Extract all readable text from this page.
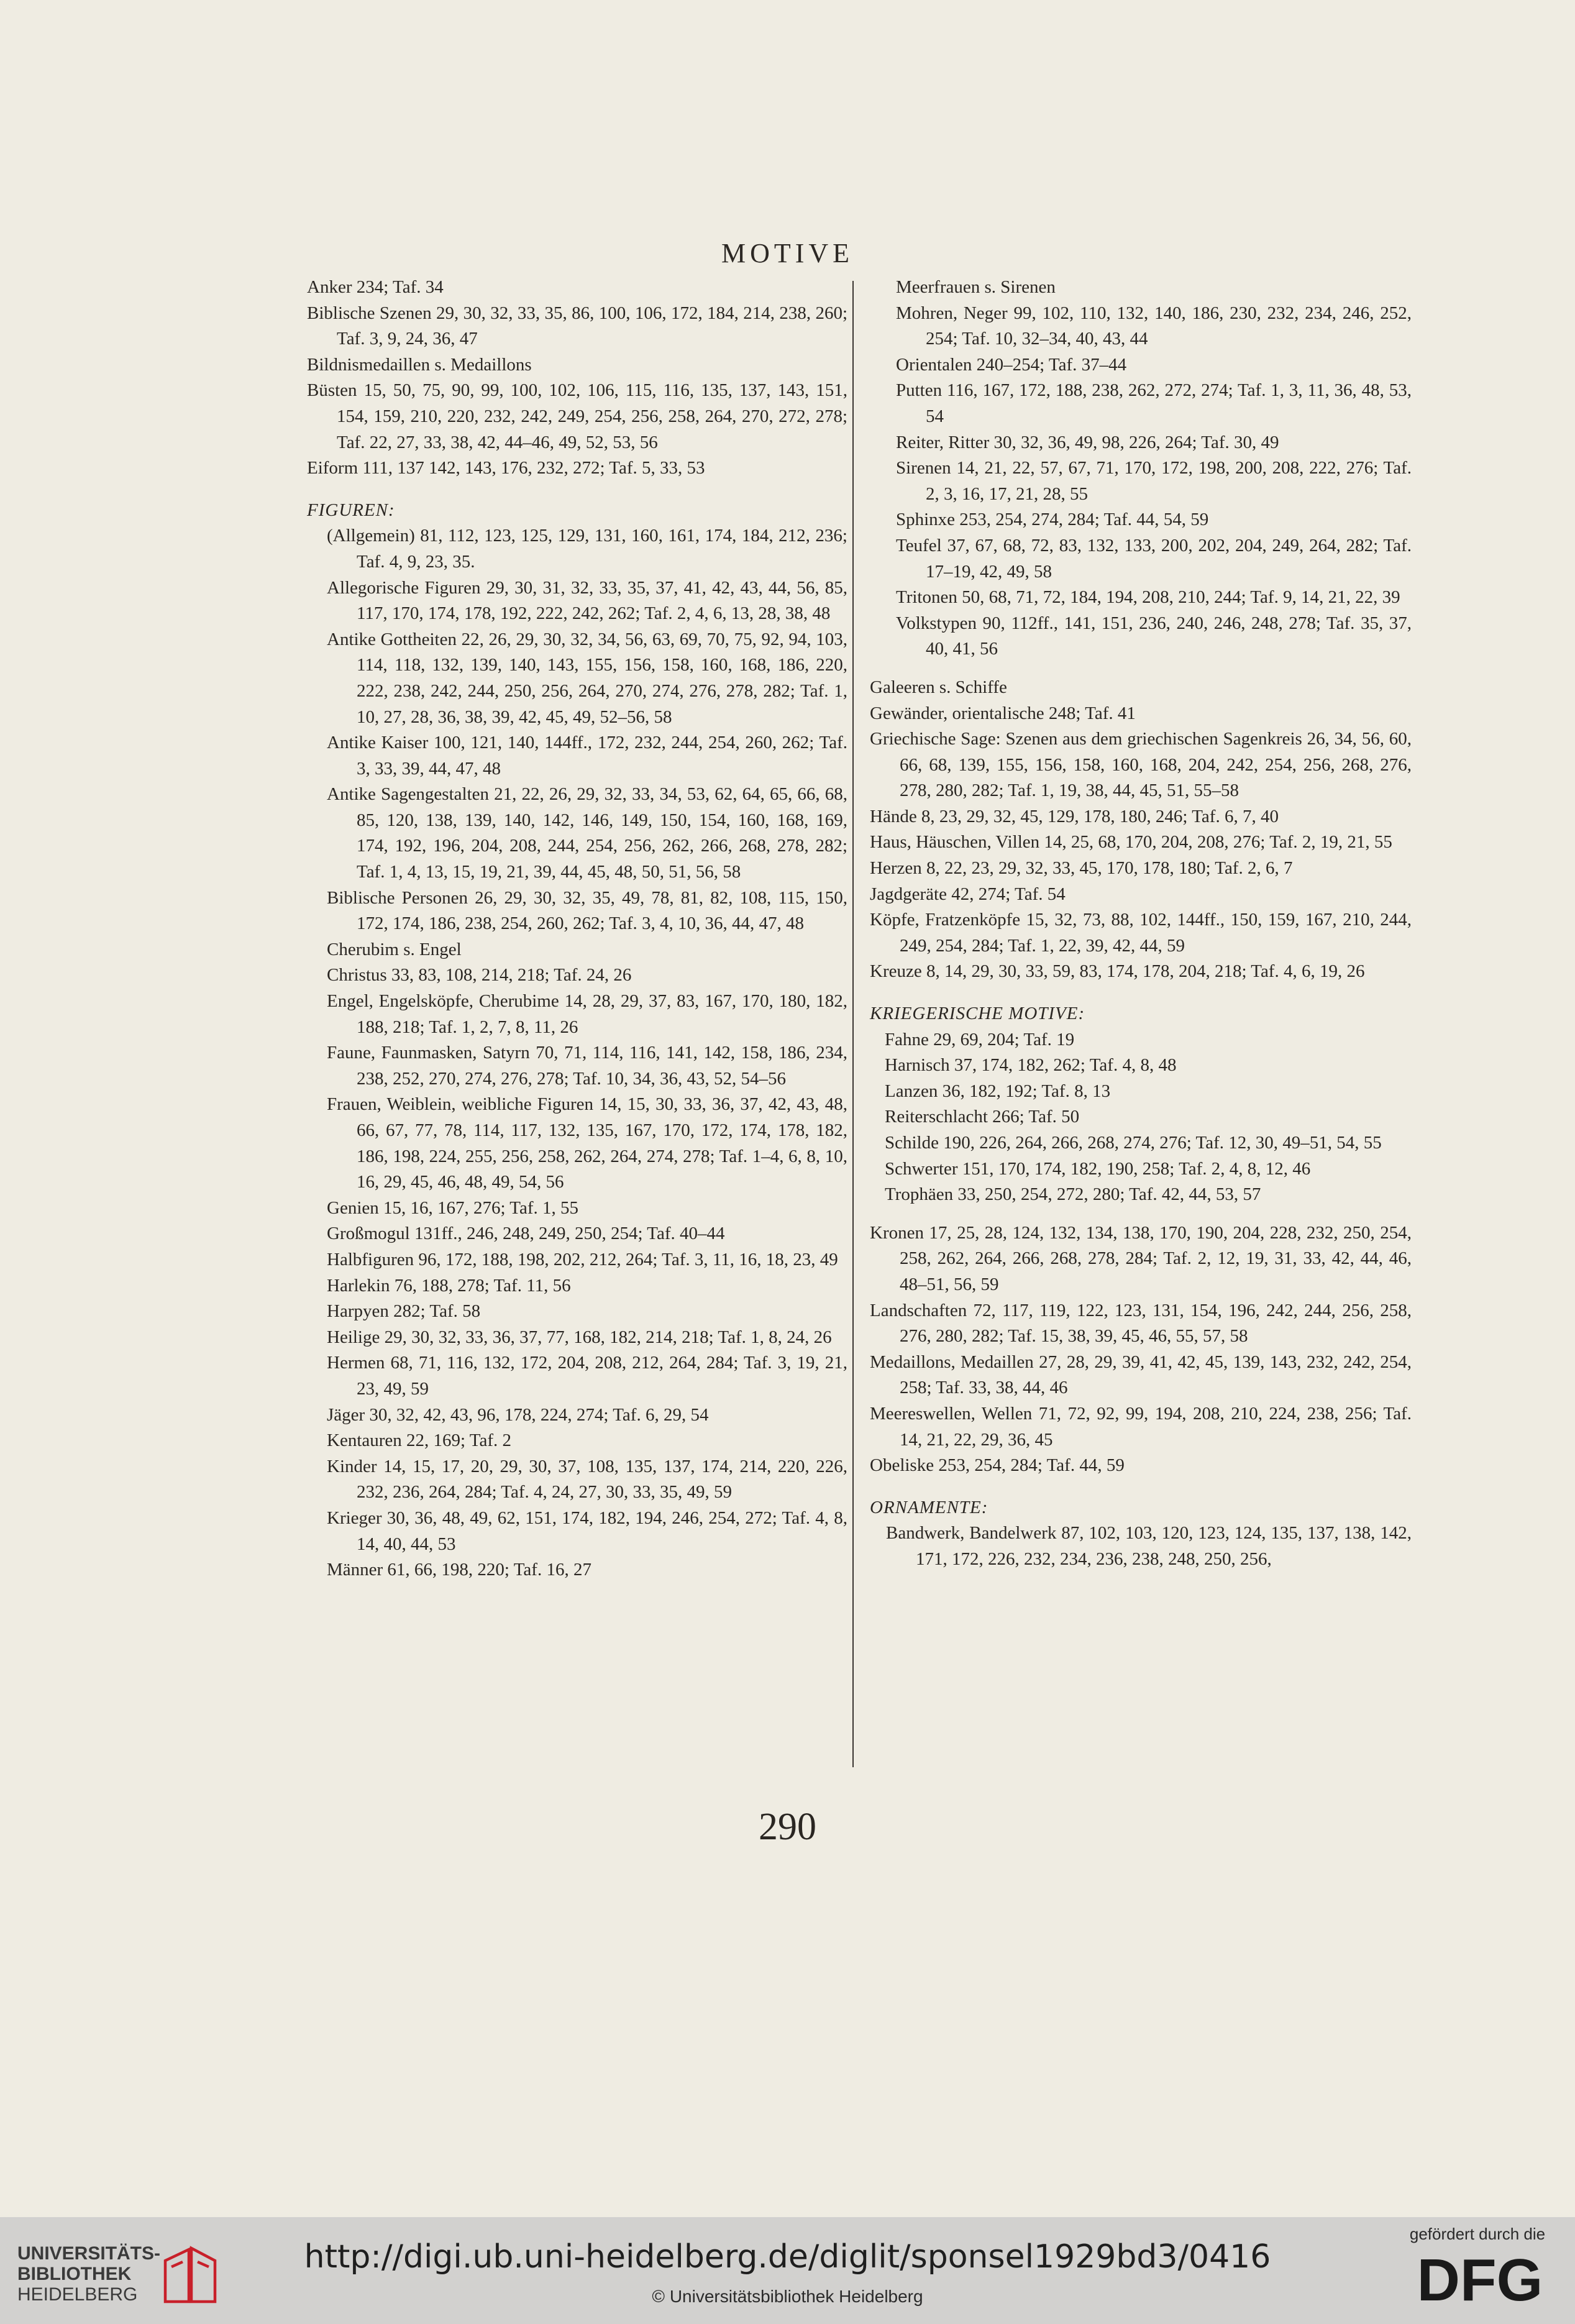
MOTIVE
Anker 234; Taf. 34
Biblische Szenen 29, 30, 32, 33, 35, 86, 100, 106, 172, 184, 214, 238, 260; Taf. 3, 9, 24, 36, 47
Bildnismedaillen s. Medaillons
Büsten 15, 50, 75, 90, 99, 100, 102, 106, 115, 116, 135, 137, 143, 151, 154, 159, 210, 220, 232, 242, 249, 254, 256, 258, 264, 270, 272, 278; Taf. 22, 27, 33, 38, 42, 44–46, 49, 52, 53, 56
Eiform 111, 137 142, 143, 176, 232, 272; Taf. 5, 33, 53
FIGUREN:
(Allgemein) 81, 112, 123, 125, 129, 131, 160, 161, 174, 184, 212, 236; Taf. 4, 9, 23, 35.
Allegorische Figuren 29, 30, 31, 32, 33, 35, 37, 41, 42, 43, 44, 56, 85, 117, 170, 174, 178, 192, 222, 242, 262; Taf. 2, 4, 6, 13, 28, 38, 48
Antike Gottheiten 22, 26, 29, 30, 32, 34, 56, 63, 69, 70, 75, 92, 94, 103, 114, 118, 132, 139, 140, 143, 155, 156, 158, 160, 168, 186, 220, 222, 238, 242, 244, 250, 256, 264, 270, 274, 276, 278, 282; Taf. 1, 10, 27, 28, 36, 38, 39, 42, 45, 49, 52–56, 58
Antike Kaiser 100, 121, 140, 144ff., 172, 232, 244, 254, 260, 262; Taf. 3, 33, 39, 44, 47, 48
Antike Sagengestalten 21, 22, 26, 29, 32, 33, 34, 53, 62, 64, 65, 66, 68, 85, 120, 138, 139, 140, 142, 146, 149, 150, 154, 160, 168, 169, 174, 192, 196, 204, 208, 244, 254, 256, 262, 266, 268, 278, 282; Taf. 1, 4, 13, 15, 19, 21, 39, 44, 45, 48, 50, 51, 56, 58
Biblische Personen 26, 29, 30, 32, 35, 49, 78, 81, 82, 108, 115, 150, 172, 174, 186, 238, 254, 260, 262; Taf. 3, 4, 10, 36, 44, 47, 48
Cherubim s. Engel
Christus 33, 83, 108, 214, 218; Taf. 24, 26
Engel, Engelsköpfe, Cherubime 14, 28, 29, 37, 83, 167, 170, 180, 182, 188, 218; Taf. 1, 2, 7, 8, 11, 26
Faune, Faunmasken, Satyrn 70, 71, 114, 116, 141, 142, 158, 186, 234, 238, 252, 270, 274, 276, 278; Taf. 10, 34, 36, 43, 52, 54–56
Frauen, Weiblein, weibliche Figuren 14, 15, 30, 33, 36, 37, 42, 43, 48, 66, 67, 77, 78, 114, 117, 132, 135, 167, 170, 172, 174, 178, 182, 186, 198, 224, 255, 256, 258, 262, 264, 274, 278; Taf. 1–4, 6, 8, 10, 16, 29, 45, 46, 48, 49, 54, 56
Genien 15, 16, 167, 276; Taf. 1, 55
Großmogul 131ff., 246, 248, 249, 250, 254; Taf. 40–44
Halbfiguren 96, 172, 188, 198, 202, 212, 264; Taf. 3, 11, 16, 18, 23, 49
Harlekin 76, 188, 278; Taf. 11, 56
Harpyen 282; Taf. 58
Heilige 29, 30, 32, 33, 36, 37, 77, 168, 182, 214, 218; Taf. 1, 8, 24, 26
Hermen 68, 71, 116, 132, 172, 204, 208, 212, 264, 284; Taf. 3, 19, 21, 23, 49, 59
Jäger 30, 32, 42, 43, 96, 178, 224, 274; Taf. 6, 29, 54
Kentauren 22, 169; Taf. 2
Kinder 14, 15, 17, 20, 29, 30, 37, 108, 135, 137, 174, 214, 220, 226, 232, 236, 264, 284; Taf. 4, 24, 27, 30, 33, 35, 49, 59
Krieger 30, 36, 48, 49, 62, 151, 174, 182, 194, 246, 254, 272; Taf. 4, 8, 14, 40, 44, 53
Männer 61, 66, 198, 220; Taf. 16, 27
Meerfrauen s. Sirenen
Mohren, Neger 99, 102, 110, 132, 140, 186, 230, 232, 234, 246, 252, 254; Taf. 10, 32–34, 40, 43, 44
Orientalen 240–254; Taf. 37–44
Putten 116, 167, 172, 188, 238, 262, 272, 274; Taf. 1, 3, 11, 36, 48, 53, 54
Reiter, Ritter 30, 32, 36, 49, 98, 226, 264; Taf. 30, 49
Sirenen 14, 21, 22, 57, 67, 71, 170, 172, 198, 200, 208, 222, 276; Taf. 2, 3, 16, 17, 21, 28, 55
Sphinxe 253, 254, 274, 284; Taf. 44, 54, 59
Teufel 37, 67, 68, 72, 83, 132, 133, 200, 202, 204, 249, 264, 282; Taf. 17–19, 42, 49, 58
Tritonen 50, 68, 71, 72, 184, 194, 208, 210, 244; Taf. 9, 14, 21, 22, 39
Volkstypen 90, 112ff., 141, 151, 236, 240, 246, 248, 278; Taf. 35, 37, 40, 41, 56
Galeeren s. Schiffe
Gewänder, orientalische 248; Taf. 41
Griechische Sage: Szenen aus dem griechischen Sagenkreis 26, 34, 56, 60, 66, 68, 139, 155, 156, 158, 160, 168, 204, 242, 254, 256, 268, 276, 278, 280, 282; Taf. 1, 19, 38, 44, 45, 51, 55–58
Hände 8, 23, 29, 32, 45, 129, 178, 180, 246; Taf. 6, 7, 40
Haus, Häuschen, Villen 14, 25, 68, 170, 204, 208, 276; Taf. 2, 19, 21, 55
Herzen 8, 22, 23, 29, 32, 33, 45, 170, 178, 180; Taf. 2, 6, 7
Jagdgeräte 42, 274; Taf. 54
Köpfe, Fratzenköpfe 15, 32, 73, 88, 102, 144ff., 150, 159, 167, 210, 244, 249, 254, 284; Taf. 1, 22, 39, 42, 44, 59
Kreuze 8, 14, 29, 30, 33, 59, 83, 174, 178, 204, 218; Taf. 4, 6, 19, 26
KRIEGERISCHE MOTIVE:
Fahne 29, 69, 204; Taf. 19
Harnisch 37, 174, 182, 262; Taf. 4, 8, 48
Lanzen 36, 182, 192; Taf. 8, 13
Reiterschlacht 266; Taf. 50
Schilde 190, 226, 264, 266, 268, 274, 276; Taf. 12, 30, 49–51, 54, 55
Schwerter 151, 170, 174, 182, 190, 258; Taf. 2, 4, 8, 12, 46
Trophäen 33, 250, 254, 272, 280; Taf. 42, 44, 53, 57
Kronen 17, 25, 28, 124, 132, 134, 138, 170, 190, 204, 228, 232, 250, 254, 258, 262, 264, 266, 268, 278, 284; Taf. 2, 12, 19, 31, 33, 42, 44, 46, 48–51, 56, 59
Landschaften 72, 117, 119, 122, 123, 131, 154, 196, 242, 244, 256, 258, 276, 280, 282; Taf. 15, 38, 39, 45, 46, 55, 57, 58
Medaillons, Medaillen 27, 28, 29, 39, 41, 42, 45, 139, 143, 232, 242, 254, 258; Taf. 33, 38, 44, 46
Meereswellen, Wellen 71, 72, 92, 99, 194, 208, 210, 224, 238, 256; Taf. 14, 21, 22, 29, 36, 45
Obeliske 253, 254, 284; Taf. 44, 59
ORNAMENTE:
Bandwerk, Bandelwerk 87, 102, 103, 120, 123, 124, 135, 137, 138, 142, 171, 172, 226, 232, 234, 236, 238, 248, 250, 256,
290
UNIVERSITÄTS-
BIBLIOTHEK
HEIDELBERG
http://digi.ub.uni-heidelberg.de/diglit/sponsel1929bd3/0416
© Universitätsbibliothek Heidelberg
gefördert durch die
DFG
